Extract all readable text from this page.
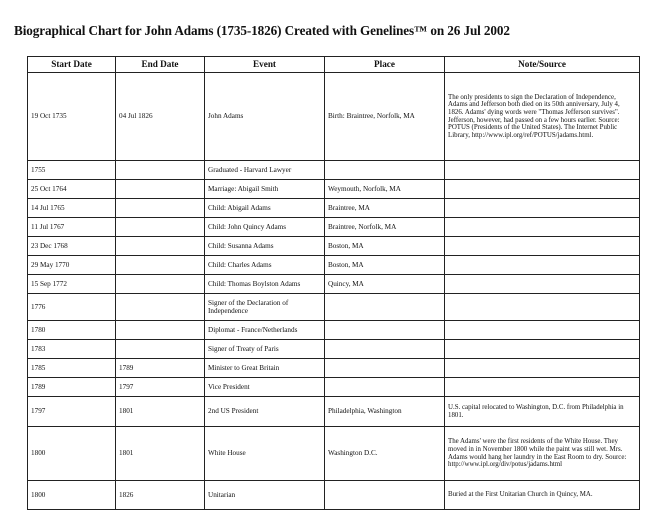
Biographical Chart for John Adams (1735-1826) Created with Genelines™ on 26 Jul 2002
Start Date	End Date	Event	Place	Note/Source
19 Oct 1735	04 Jul 1826	John Adams	Birth: Braintree, Norfolk, MA	The only presidents to sign the Declaration of Independence, Adams and Jefferson both died on its 50th anniversary, July 4, 1826. Adams' dying words were "Thomas Jefferson survives". Jefferson, however, had passed on a few hours earlier. Source: POTUS (Presidents of the United States). The Internet Public Library, http://www.ipl.org/ref/POTUS/jadams.html.
1755		Graduated - Harvard Lawyer		
25 Oct 1764		Marriage: Abigail Smith	Weymouth, Norfolk, MA	
14 Jul 1765		Child: Abigail Adams	Braintree, MA	
11 Jul 1767		Child: John Quincy Adams	Braintree, Norfolk, MA	
23 Dec 1768		Child: Susanna Adams	Boston, MA	
29 May 1770		Child: Charles Adams	Boston, MA	
15 Sep 1772		Child: Thomas Boylston Adams	Quincy, MA	
1776		Signer of the Declaration of Independence		
1780		Diplomat - France/Netherlands		
1783		Signer of Treaty of Paris		
1785	1789	Minister to Great Britain		
1789	1797	Vice President		
1797	1801	2nd US President	Philadelphia, Washington	U.S. capital relocated to Washington, D.C. from Philadelphia in 1801.
1800	1801	White House	Washington D.C.	The Adams' were the first residents of the White House. They moved in in November 1800 while the paint was still wet. Mrs. Adams would hang her laundry in the East Room to dry. Source: http://www.ipl.org/div/potus/jadams.html
1800	1826	Unitarian		Buried at the First Unitarian Church in Quincy, MA.
